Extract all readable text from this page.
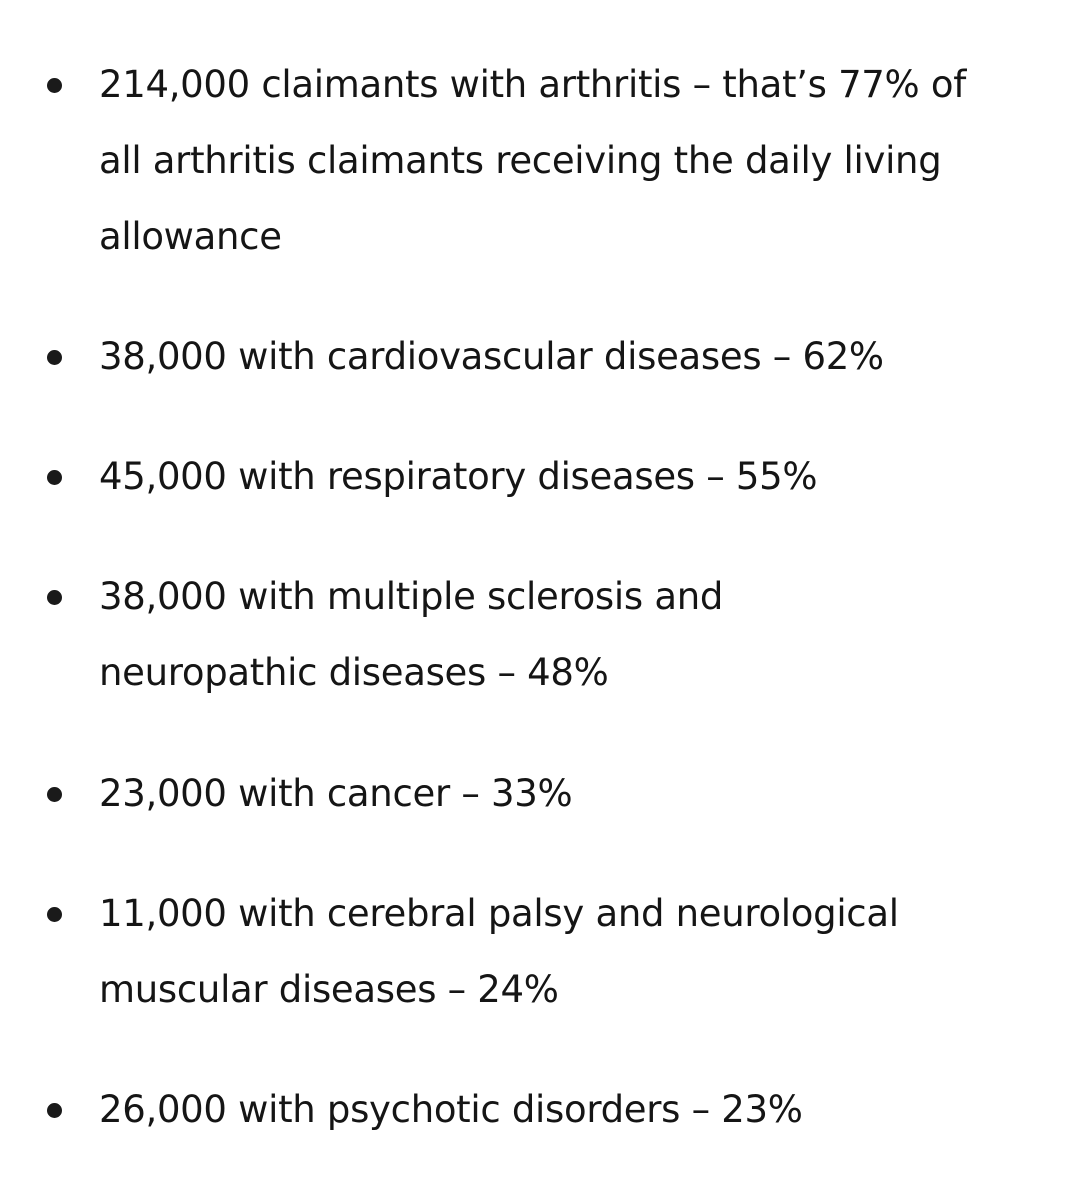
214,000 claimants with arthritis – that’s 77% of all arthritis claimants receiving the daily living allowance
38,000 with cardiovascular diseases – 62%
45,000 with respiratory diseases – 55%
38,000 with multiple sclerosis and neuropathic diseases – 48%
23,000 with cancer – 33%
11,000 with cerebral palsy and neurological muscular diseases – 24%
26,000 with psychotic disorders – 23%
